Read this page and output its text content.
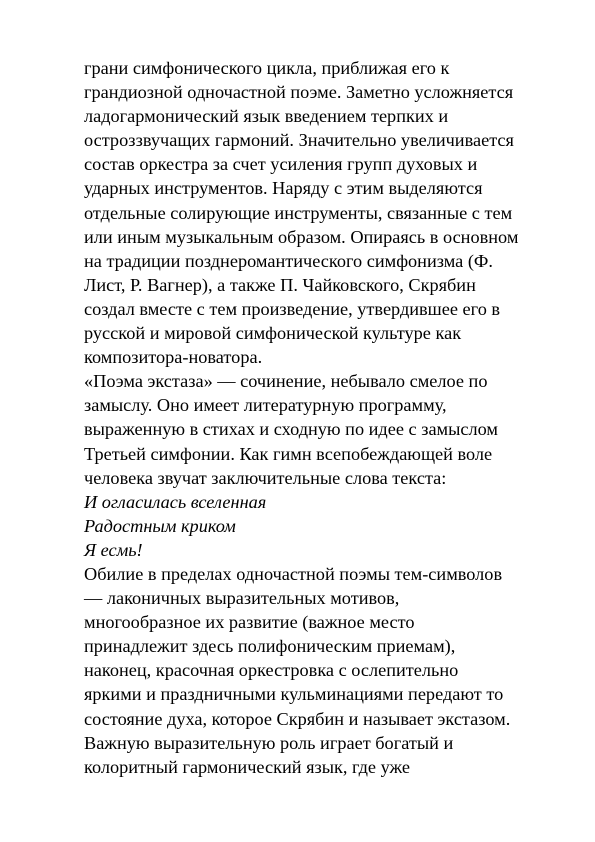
грани симфонического цикла, приближая его к
грандиозной одночастной поэме. Заметно усложняется
ладогармонический язык введением терпких и
остроззвучащих гармоний. Значительно увеличивается
состав оркестра за счет усиления групп духовых и
ударных инструментов. Наряду с этим выделяются
отдельные солирующие инструменты, связанные с тем
или иным музыкальным образом. Опираясь в основном
на традиции позднеромантического симфонизма (Ф.
Лист, Р. Вагнер), а также П. Чайковского, Скрябин
создал вместе с тем произведение, утвердившее его в
русской и мировой симфонической культуре как
композитора-новатора.
«Поэма экстаза» — сочинение, небывало смелое по
замыслу. Оно имеет литературную программу,
выраженную в стихах и сходную по идее с замыслом
Третьей симфонии. Как гимн всепобеждающей воле
человека звучат заключительные слова текста:
И огласилась вселенная
Радостным криком
Я есмь!
Обилие в пределах одночастной поэмы тем-символов
— лаконичных выразительных мотивов,
многообразное их развитие (важное место
принадлежит здесь полифоническим приемам),
наконец, красочная оркестровка с ослепительно
яркими и праздничными кульминациями передают то
состояние духа, которое Скрябин и называет экстазом.
Важную выразительную роль играет богатый и
колоритный гармонический язык, где уже
